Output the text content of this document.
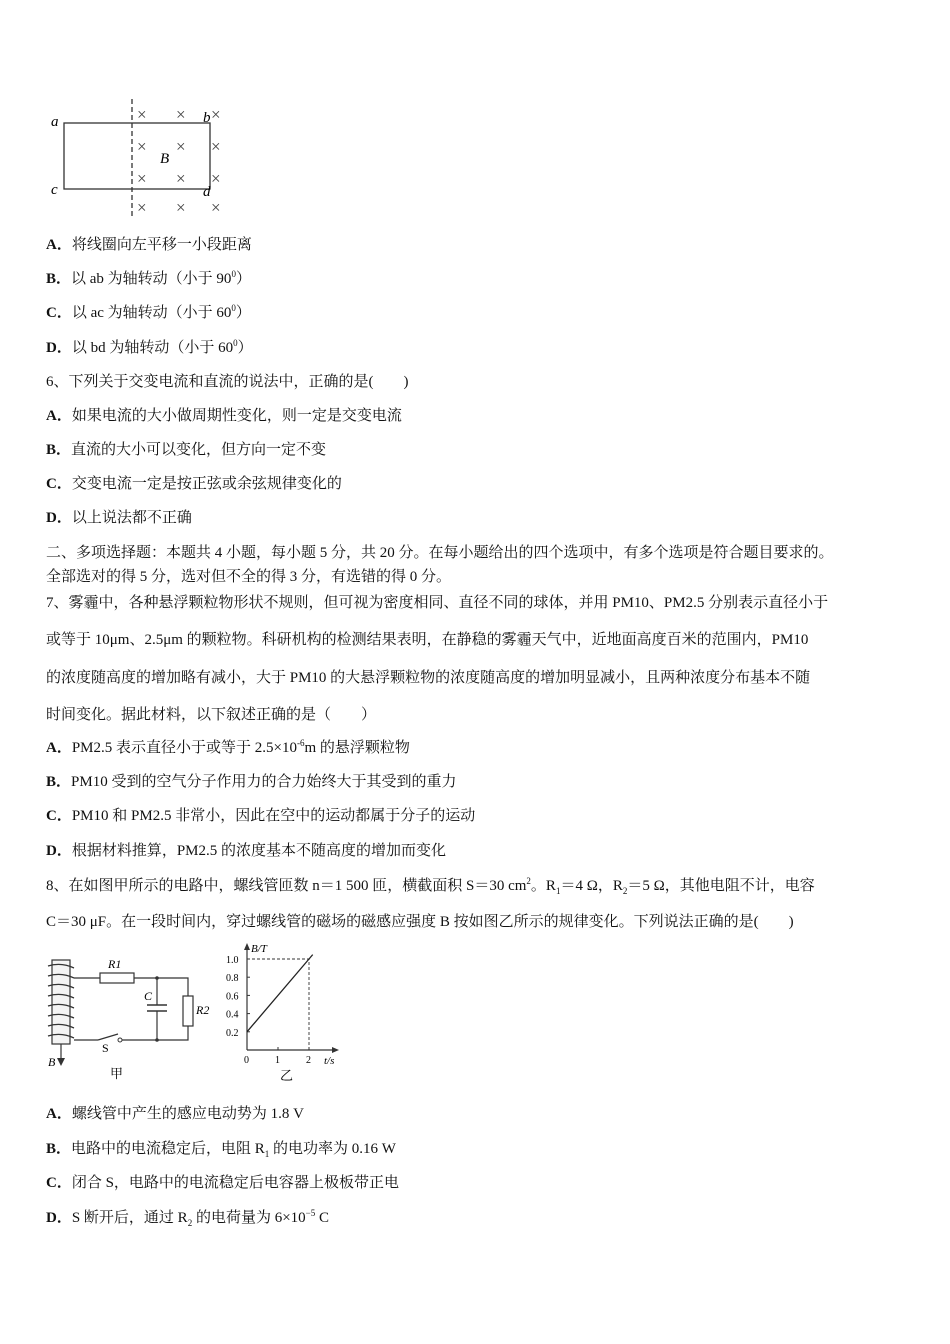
a	b
c	d
B
× × ×
× × ×
× × ×
× × ×
A．将线圈向左平移一小段距离
B．以 ab 为轴转动（小于 $90^0$）
C．以 ac 为轴转动（小于 $60^0$）
D．以 bd 为轴转动（小于 $60^0$）
6、下列关于交变电流和直流的说法中，正确的是(　　)
A．如果电流的大小做周期性变化，则一定是交变电流
B．直流的大小可以变化，但方向一定不变
C．交变电流一定是按正弦或余弦规律变化的
D．以上说法都不正确
二、多项选择题：本题共 4 小题，每小题 5 分，共 20 分。在每小题给出的四个选项中，有多个选项是符合题目要求的。
全部选对的得 5 分，选对但不全的得 3 分，有选错的得 0 分。
7、雾霾中，各种悬浮颗粒物形状不规则，但可视为密度相同、直径不同的球体，并用 PM10、PM2.5 分别表示直径小于
或等于 10μm、2.5μm 的颗粒物。科研机构的检测结果表明，在静稳的雾霾天气中，近地面高度百米的范围内，PM10
的浓度随高度的增加略有减小，大于 PM10 的大悬浮颗粒物的浓度随高度的增加明显减小，且两种浓度分布基本不随
时间变化。据此材料，以下叙述正确的是（　　）
A．PM2.5 表示直径小于或等于 $2.5\times 10^{-6}m$ 的悬浮颗粒物
B．PM10 受到的空气分子作用力的合力始终大于其受到的重力
C．PM10 和 PM2.5 非常小，因此在空中的运动都属于分子的运动
D．根据材料推算，PM2.5 的浓度基本不随高度的增加而变化
8、在如图甲所示的电路中，螺线管匝数 n＝1 500 匝，横截面积 S＝30 $cm^2$。$R_1=4$ Ω，$R_2=5$ Ω，其他电阻不计，电容
C＝30 μF。在一段时间内，穿过螺线管的磁场的磁感应强度 B 按如图乙所示的规律变化。下列说法正确的是(　　)
B
R1
R2
C
S
甲
B/T
t/s
1.0
0.8
0.6
0.4
0.2
0	1	2
乙
A．螺线管中产生的感应电动势为 1.8 V
B．电路中的电流稳定后，电阻 $R_1$ 的电功率为 0.16 W
C．闭合 S，电路中的电流稳定后电容器上极板带正电
D．S 断开后，通过 $R_2$ 的电荷量为 $6\times 10^{-5}$ C
